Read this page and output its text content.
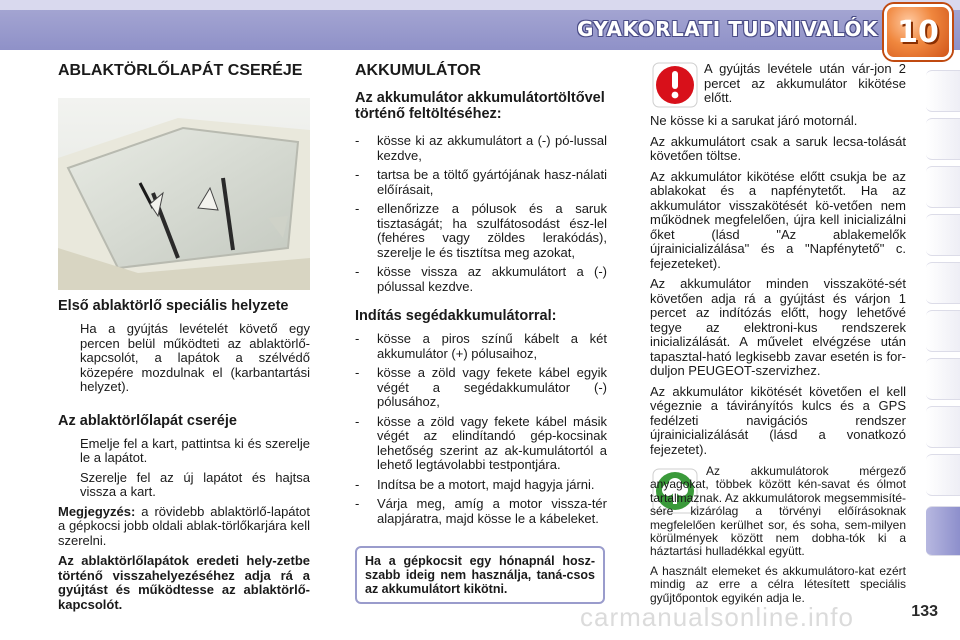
GYAKORLATI TUDNIVALÓK 10
ABLAKTÖRLŐLAPÁT CSERÉJE
Első ablaktörlő speciális helyzete
Ha a gyújtás levételét követő egy percen belül működteti az ablaktörlő-kapcsolót, a lapátok a szélvédő közepére mozdulnak el (karbantartási helyzet).
Az ablaktörlőlapát cseréje
Emelje fel a kart, pattintsa ki és szerelje le a lapátot.
Szerelje fel az új lapátot és hajtsa vissza a kart.

Megjegyzés: a rövidebb ablaktörlő-lapátot a gépkocsi jobb oldali ablak-törlőkarjára kell szerelni.

Az ablaktörlőlapátok eredeti hely-zetbe történő visszahelyezéséhez adja rá a gyújtást és működtesse az ablaktörlő-kapcsolót.

AKKUMULÁTOR
Az akkumulátor akkumulátortöltővel történő feltöltéséhez:
- kösse ki az akkumulátort a (-) pó-lussal kezdve,
- tartsa be a töltő gyártójának hasz-nálati előírásait,
- ellenőrizze a pólusok és a saruk tisztaságát; ha szulfátosodást ész-lel (fehéres vagy zöldes lerakódás), szerelje le és tisztítsa meg azokat,
- kösse vissza az akkumulátort a (-) pólussal kezdve.
Indítás segédakkumulátorral:
- kösse a piros színű kábelt a két akkumulátor (+) pólusaihoz,
- kösse a zöld vagy fekete kábel egyik végét a segédakkumulátor (-) pólusához,
- kösse a zöld vagy fekete kábel másik végét az elindítandó gép-kocsinak lehetőség szerint az ak-kumulátortól a lehető legtávolabbi testpontjára.
- Indítsa be a motort, majd hagyja járni.
- Várja meg, amíg a motor vissza-tér alapjáratra, majd kösse le a kábeleket.
Ha a gépkocsit egy hónapnál hosz-szabb ideig nem használja, taná-csos az akkumulátort kikötni.

A gyújtás levétele után vár-jon 2 percet az akkumulátor kikötése előtt.

Ne kösse ki a sarukat járó motornál.

Az akkumulátort csak a saruk lecsa-tolását követően töltse.

Az akkumulátor kikötése előtt csukja be az ablakokat és a napfénytetőt. Ha az akkumulátor visszakötését kö-vetően nem működnek megfelelően, újra kell inicializálni őket (lásd "Az ablakemelők újrainicializálása" és a "Napfénytető" c. fejezeteket).

Az akkumulátor minden visszaköté-sét követően adja rá a gyújtást és várjon 1 percet az indítózás előtt, hogy lehetővé tegye az elektroni-kus rendszerek inicializálását. A művelet elvégzése után tapasztal-ható legkisebb zavar esetén is for-duljon PEUGEOT-szervizhez.

Az akkumulátor kikötését követően el kell végeznie a távirányítós kulcs és a GPS fedélzeti navigációs rendszer újrainicializálását (lásd a vonatkozó fejezetet).

Az akkumulátorok mérgező anyagokat, többek között kén-savat és ólmot tartalmaznak. Az akkumulátorok megsemmisíté-sére kizárólag a törvényi előírásoknak megfelelően kerülhet sor, és soha, sem-milyen körülmények között nem dobha-tók ki a háztartási hulladékkal együtt.

A használt elemeket és akkumulátoro-kat ezért mindig az erre a célra létesített speciális gyűjtőpontok egyikén adja le.

carmanualsonline.info	133
